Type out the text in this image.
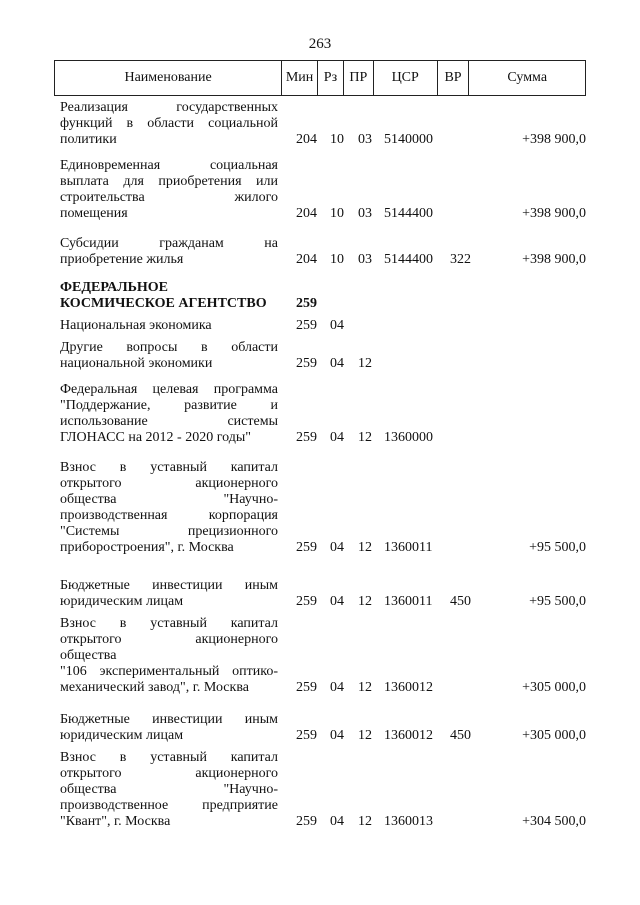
263
Наименование	Мин Рз ПР	ЦСР	ВР	Сумма
Реализация государственных
функций в области социальной
политики	204 10 03 5140000	+398 900,0
Единовременная социальная
выплата для приобретения или
строительства жилого
помещения	204 10 03 5144400	+398 900,0
Субсидии гражданам на
приобретение жилья	204 10 03 5144400 322	+398 900,0
ФЕДЕРАЛЬНОЕ
КОСМИЧЕСКОЕ АГЕНТСТВО	259
Национальная экономика	259 04
Другие вопросы в области
национальной экономики	259 04 12
Федеральная целевая программа
"Поддержание, развитие и
использование системы
ГЛОНАСС на 2012 - 2020 годы"	259 04 12 1360000
Взнос в уставный капитал
открытого акционерного
общества "Научно-
производственная корпорация
"Системы прецизионного
приборостроения", г. Москва	259 04 12 1360011	+95 500,0
Бюджетные инвестиции иным
юридическим лицам	259 04 12 1360011 450	+95 500,0
Взнос в уставный капитал
открытого акционерного
общества
"106 экспериментальный оптико-
механический завод", г. Москва	259 04 12 1360012	+305 000,0
Бюджетные инвестиции иным
юридическим лицам	259 04 12 1360012 450	+305 000,0
Взнос в уставный капитал
открытого акционерного
общества "Научно-
производственное предприятие
"Квант", г. Москва	259 04 12 1360013	+304 500,0
